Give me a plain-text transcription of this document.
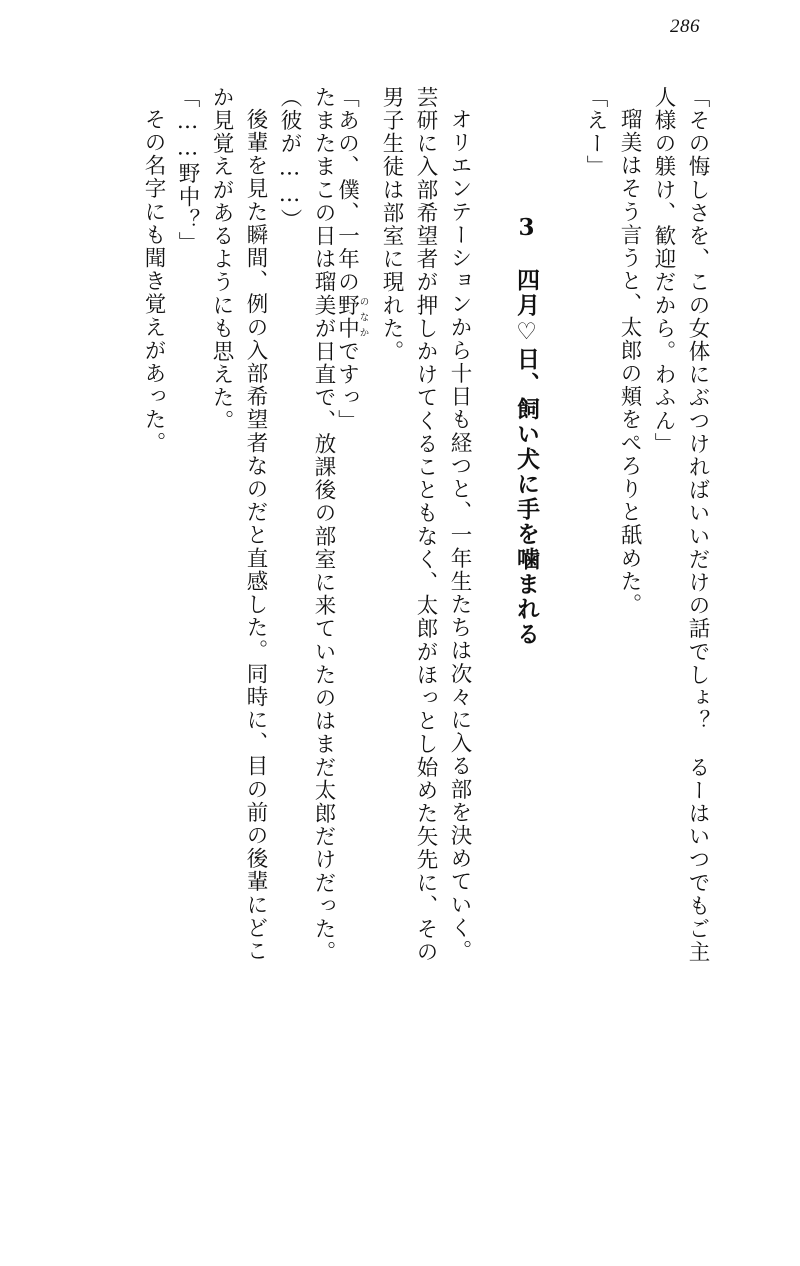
286
「その悔しさを、この女体にぶつければいいだけの話でしょ？　るーはいつでもご主
人様の躾け、歓迎だから。わふん」
瑠美はそう言うと、太郎の頬をぺろりと舐めた。
「えー」
3　四月♡日、飼い犬に手を噛まれる
オリエンテーションから十日も経つと、一年生たちは次々に入る部を決めていく。
芸研に入部希望者が押しかけてくることもなく、太郎がほっとし始めた矢先に、その
男子生徒は部室に現れた。
「あの、僕、一年の野中のなかですっ」
たまたまこの日は瑠美が日直で、放課後の部室に来ていたのはまだ太郎だけだった。
（彼が……）
後輩を見た瞬間、例の入部希望者なのだと直感した。同時に、目の前の後輩にどこ
か見覚えがあるようにも思えた。
「……野中？」
その名字にも聞き覚えがあった。
